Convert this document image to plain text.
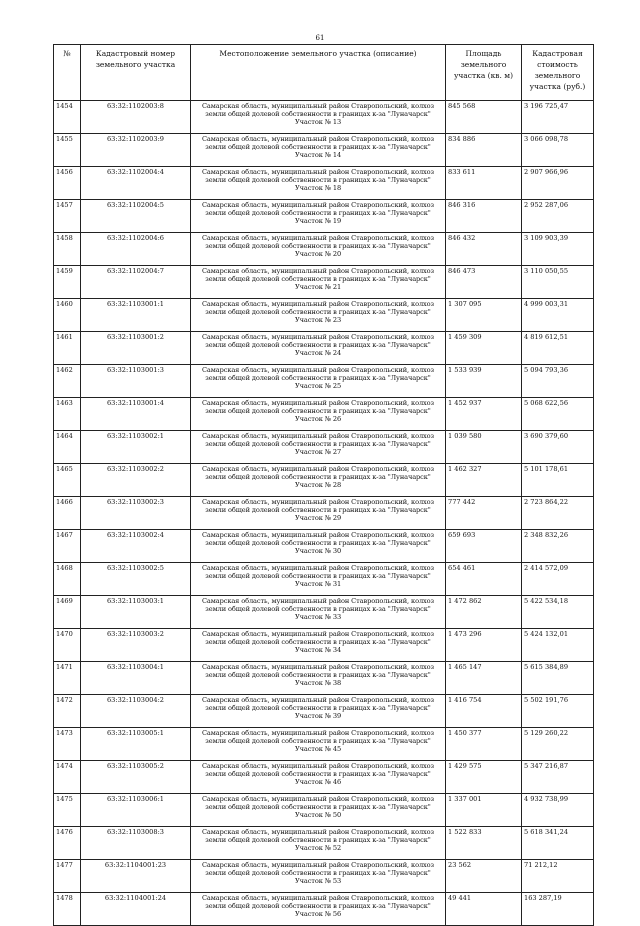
61
№	Кадастровый номер земельного участка	Местоположение земельного участка (описание)	Площадь земельного участка (кв. м)	Кадастровая стоимость земельного участка (руб.)
1454	63:32:1102003:8	Самарская область, муниципальный район Ставропольский, колхоз земли общей долевой собственности в границах к-за "Луначарск" Участок № 13	845 568	3 196 725,47
1455	63:32:1102003:9	Самарская область, муниципальный район Ставропольский, колхоз земли общей долевой собственности в границах к-за "Луначарск" Участок № 14	834 886	3 066 098,78
1456	63:32:1102004:4	Самарская область, муниципальный район Ставропольский, колхоз земли общей долевой собственности в границах к-за "Луначарск" Участок № 18	833 611	2 907 966,96
1457	63:32:1102004:5	Самарская область, муниципальный район Ставропольский, колхоз земли общей долевой собственности в границах к-за "Луначарск" Участок № 19	846 316	2 952 287,06
1458	63:32:1102004:6	Самарская область, муниципальный район Ставропольский, колхоз земли общей долевой собственности в границах к-за "Луначарск" Участок № 20	846 432	3 109 903,39
1459	63:32:1102004:7	Самарская область, муниципальный район Ставропольский, колхоз земли общей долевой собственности в границах к-за "Луначарск" Участок № 21	846 473	3 110 050,55
1460	63:32:1103001:1	Самарская область, муниципальный район Ставропольский, колхоз земли общей долевой собственности в границах к-за "Луначарск" Участок № 23	1 307 095	4 999 003,31
1461	63:32:1103001:2	Самарская область, муниципальный район Ставропольский, колхоз земли общей долевой собственности в границах к-за "Луначарск" Участок № 24	1 459 309	4 819 612,51
1462	63:32:1103001:3	Самарская область, муниципальный район Ставропольский, колхоз земли общей долевой собственности в границах к-за "Луначарск" Участок № 25	1 533 939	5 094 793,36
1463	63:32:1103001:4	Самарская область, муниципальный район Ставропольский, колхоз земли общей долевой собственности в границах к-за "Луначарск" Участок № 26	1 452 937	5 068 622,56
1464	63:32:1103002:1	Самарская область, муниципальный район Ставропольский, колхоз земли общей долевой собственности в границах к-за "Луначарск" Участок № 27	1 039 580	3 690 379,60
1465	63:32:1103002:2	Самарская область, муниципальный район Ставропольский, колхоз земли общей долевой собственности в границах к-за "Луначарск" Участок № 28	1 462 327	5 101 178,61
1466	63:32:1103002:3	Самарская область, муниципальный район Ставропольский, колхоз земли общей долевой собственности в границах к-за "Луначарск" Участок № 29	777 442	2 723 864,22
1467	63:32:1103002:4	Самарская область, муниципальный район Ставропольский, колхоз земли общей долевой собственности в границах к-за "Луначарск" Участок № 30	659 693	2 348 832,26
1468	63:32:1103002:5	Самарская область, муниципальный район Ставропольский, колхоз земли общей долевой собственности в границах к-за "Луначарск" Участок № 31	654 461	2 414 572,09
1469	63:32:1103003:1	Самарская область, муниципальный район Ставропольский, колхоз земли общей долевой собственности в границах к-за "Луначарск" Участок № 33	1 472 862	5 422 534,18
1470	63:32:1103003:2	Самарская область, муниципальный район Ставропольский, колхоз земли общей долевой собственности в границах к-за "Луначарск" Участок № 34	1 473 296	5 424 132,01
1471	63:32:1103004:1	Самарская область, муниципальный район Ставропольский, колхоз земли общей долевой собственности в границах к-за "Луначарск" Участок № 38	1 465 147	5 615 384,89
1472	63:32:1103004:2	Самарская область, муниципальный район Ставропольский, колхоз земли общей долевой собственности в границах к-за "Луначарск" Участок № 39	1 416 754	5 502 191,76
1473	63:32:1103005:1	Самарская область, муниципальный район Ставропольский, колхоз земли общей долевой собственности в границах к-за "Луначарск" Участок № 45	1 450 377	5 129 260,22
1474	63:32:1103005:2	Самарская область, муниципальный район Ставропольский, колхоз земли общей долевой собственности в границах к-за "Луначарск" Участок № 46	1 429 575	5 347 216,87
1475	63:32:1103006:1	Самарская область, муниципальный район Ставропольский, колхоз земли общей долевой собственности в границах к-за "Луначарск" Участок № 50	1 337 001	4 932 738,99
1476	63:32:1103008:3	Самарская область, муниципальный район Ставропольский, колхоз земли общей долевой собственности в границах к-за "Луначарск" Участок № 52	1 522 833	5 618 341,24
1477	63:32:1104001:23	Самарская область, муниципальный район Ставропольский, колхоз земли общей долевой собственности в границах к-за "Луначарск" Участок № 53	23 562	71 212,12
1478	63:32:1104001:24	Самарская область, муниципальный район Ставропольский, колхоз земли общей долевой собственности в границах к-за "Луначарск" Участок № 56	49 441	163 287,19
